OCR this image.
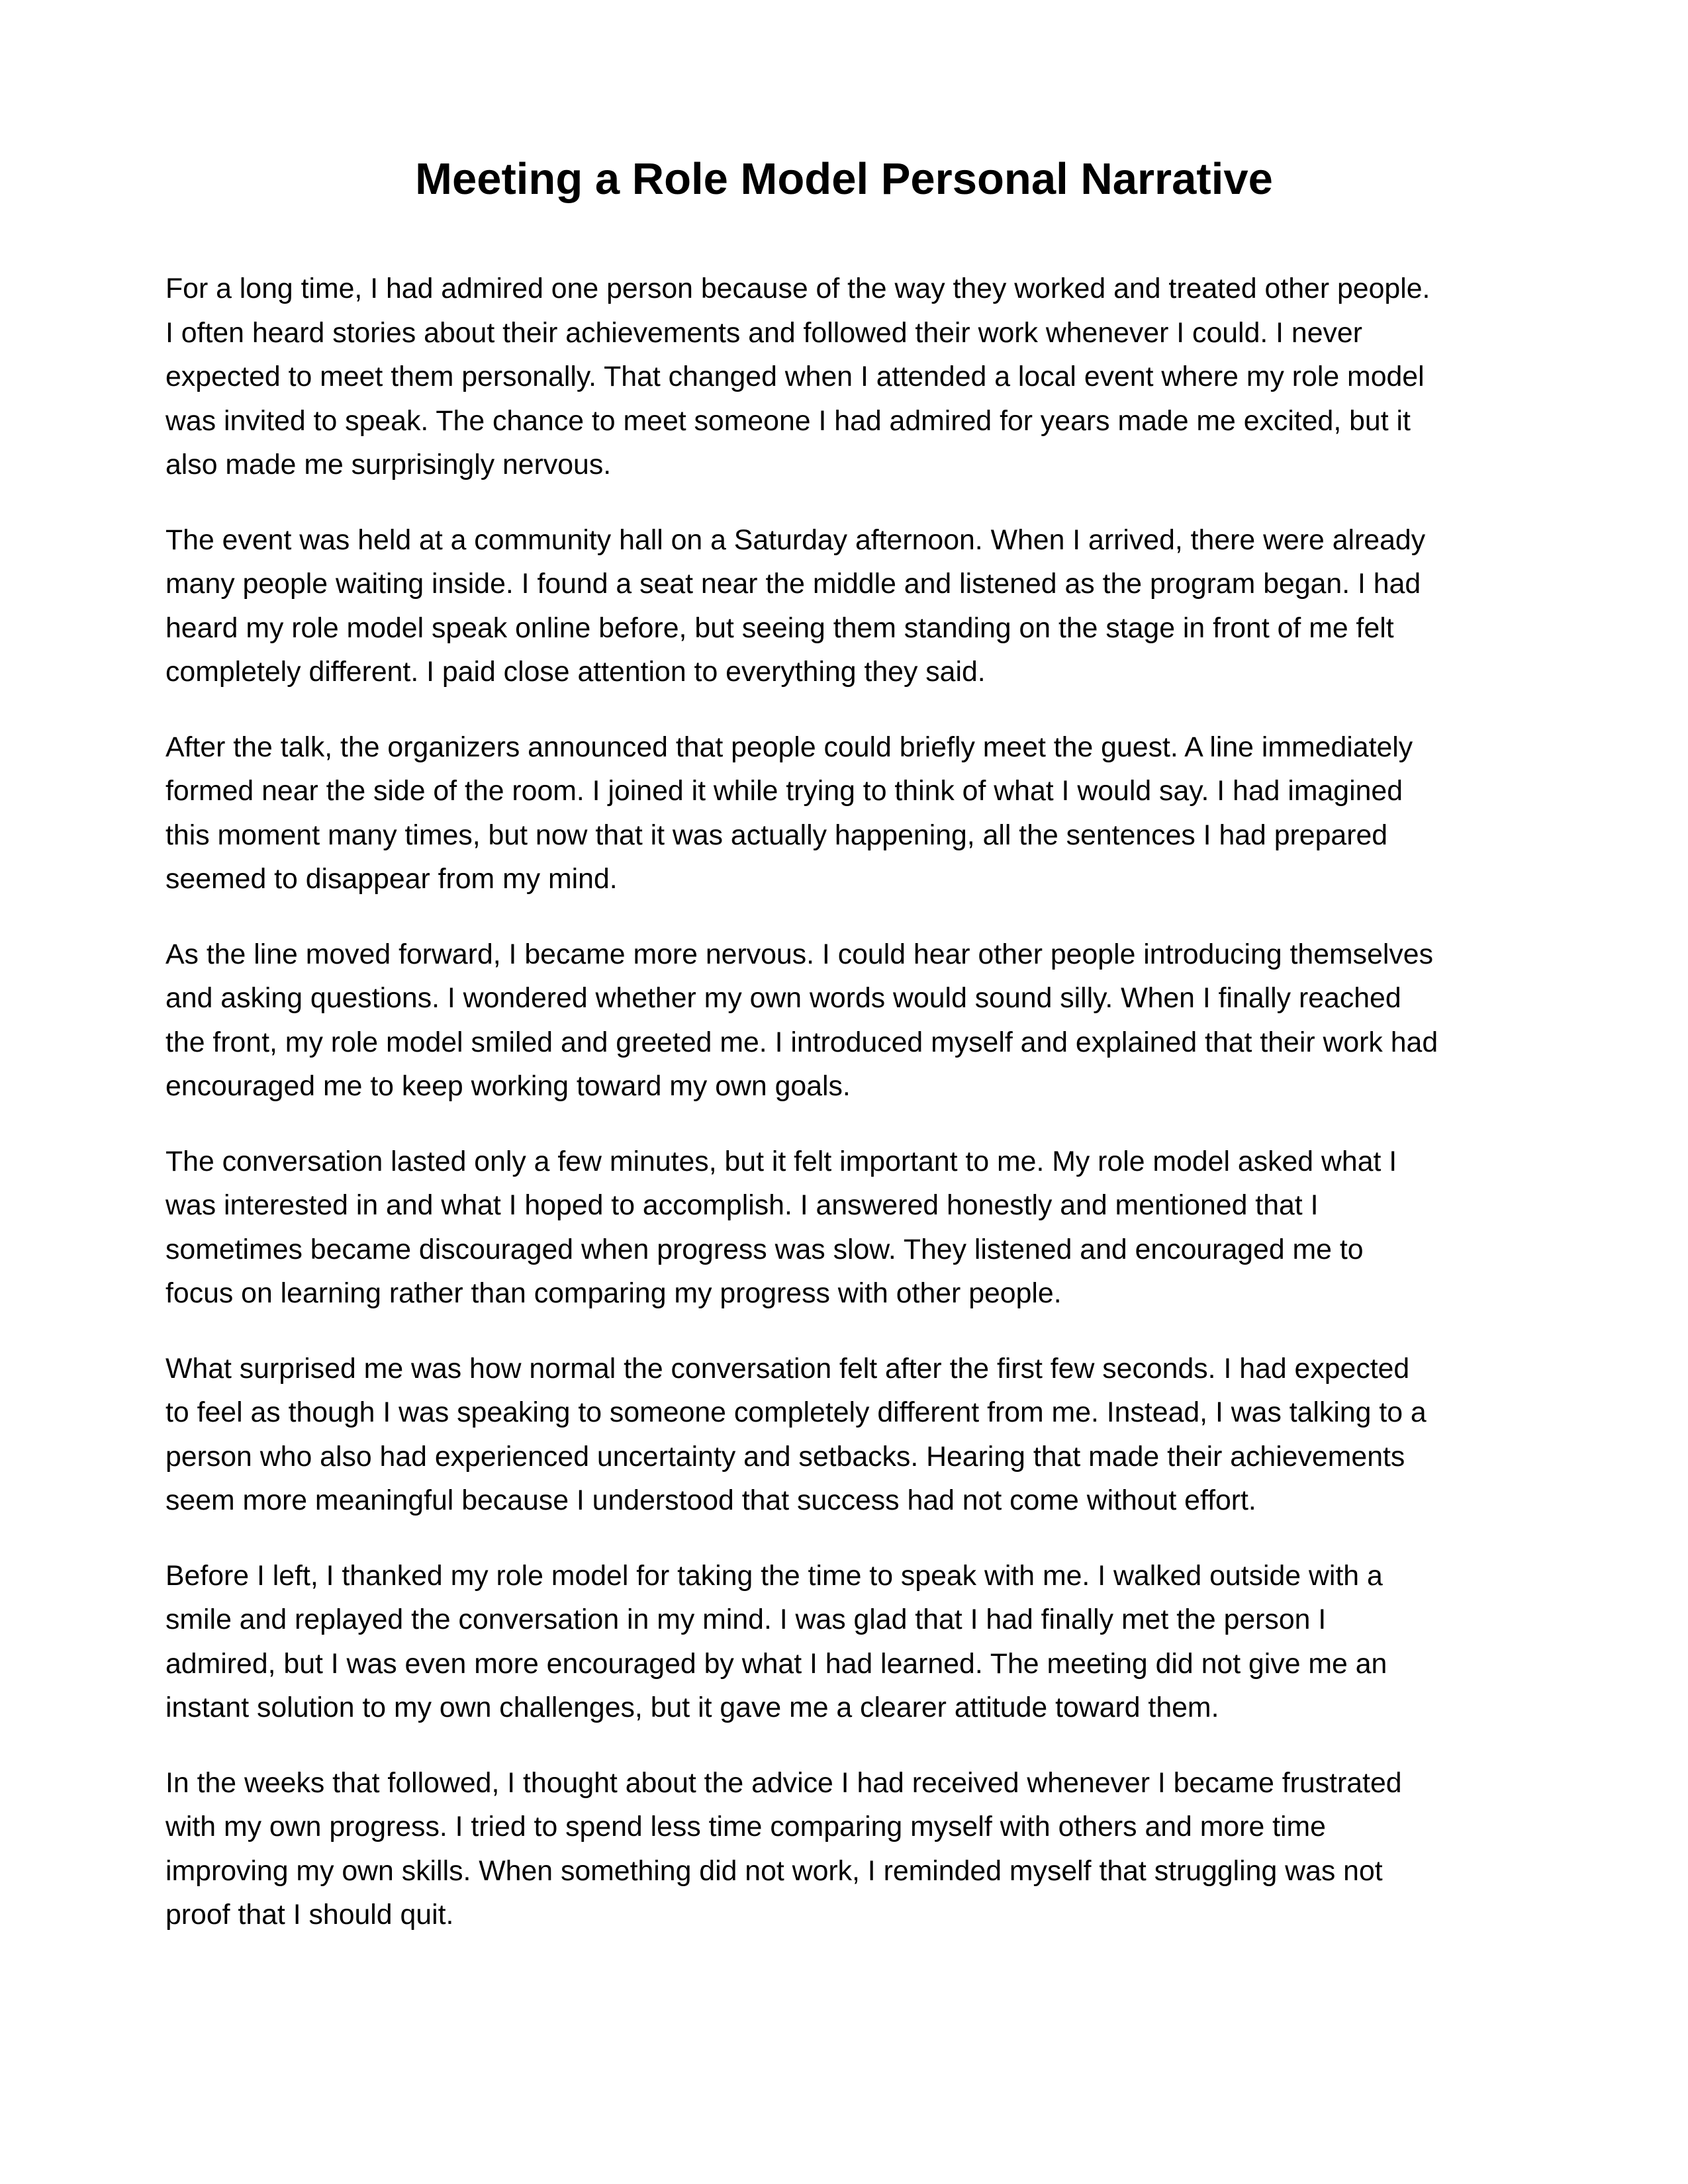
Meeting a Role Model Personal Narrative

For a long time, I had admired one person because of the way they worked and treated other people.
I often heard stories about their achievements and followed their work whenever I could. I never
expected to meet them personally. That changed when I attended a local event where my role model
was invited to speak. The chance to meet someone I had admired for years made me excited, but it
also made me surprisingly nervous.

The event was held at a community hall on a Saturday afternoon. When I arrived, there were already
many people waiting inside. I found a seat near the middle and listened as the program began. I had
heard my role model speak online before, but seeing them standing on the stage in front of me felt
completely different. I paid close attention to everything they said.

After the talk, the organizers announced that people could briefly meet the guest. A line immediately
formed near the side of the room. I joined it while trying to think of what I would say. I had imagined
this moment many times, but now that it was actually happening, all the sentences I had prepared
seemed to disappear from my mind.

As the line moved forward, I became more nervous. I could hear other people introducing themselves
and asking questions. I wondered whether my own words would sound silly. When I finally reached
the front, my role model smiled and greeted me. I introduced myself and explained that their work had
encouraged me to keep working toward my own goals.

The conversation lasted only a few minutes, but it felt important to me. My role model asked what I
was interested in and what I hoped to accomplish. I answered honestly and mentioned that I
sometimes became discouraged when progress was slow. They listened and encouraged me to
focus on learning rather than comparing my progress with other people.

What surprised me was how normal the conversation felt after the first few seconds. I had expected
to feel as though I was speaking to someone completely different from me. Instead, I was talking to a
person who also had experienced uncertainty and setbacks. Hearing that made their achievements
seem more meaningful because I understood that success had not come without effort.

Before I left, I thanked my role model for taking the time to speak with me. I walked outside with a
smile and replayed the conversation in my mind. I was glad that I had finally met the person I
admired, but I was even more encouraged by what I had learned. The meeting did not give me an
instant solution to my own challenges, but it gave me a clearer attitude toward them.

In the weeks that followed, I thought about the advice I had received whenever I became frustrated
with my own progress. I tried to spend less time comparing myself with others and more time
improving my own skills. When something did not work, I reminded myself that struggling was not
proof that I should quit.
